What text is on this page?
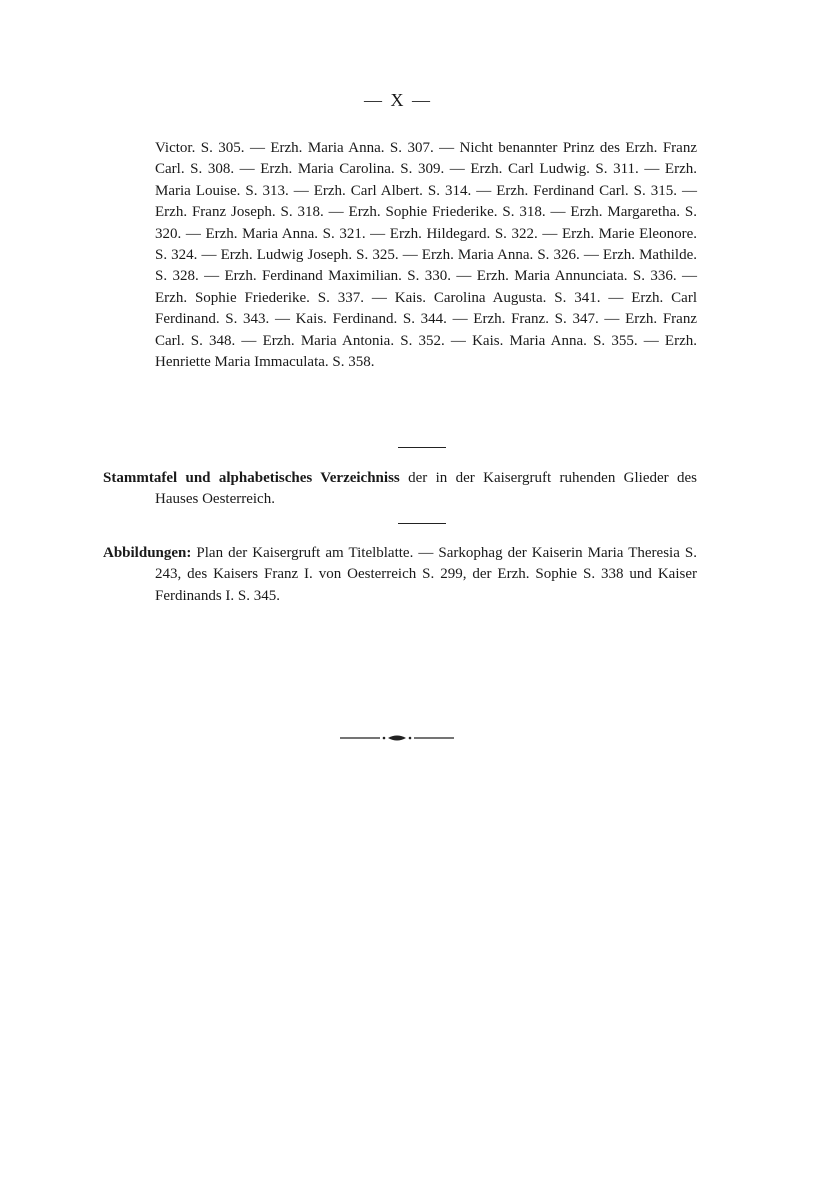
— X —

Victor. S. 305. — Erzh. Maria Anna. S. 307. — Nicht benannter Prinz des Erzh. Franz Carl. S. 308. — Erzh. Maria Carolina. S. 309. — Erzh. Carl Ludwig. S. 311. — Erzh. Maria Louise. S. 313. — Erzh. Carl Albert. S. 314. — Erzh. Ferdinand Carl. S. 315. — Erzh. Franz Joseph. S. 318. — Erzh. Sophie Friederike. S. 318. — Erzh. Margaretha. S. 320. — Erzh. Maria Anna. S. 321. — Erzh. Hildegard. S. 322. — Erzh. Marie Eleonore. S. 324. — Erzh. Ludwig Joseph. S. 325. — Erzh. Maria Anna. S. 326. — Erzh. Mathilde. S. 328. — Erzh. Ferdinand Maximilian. S. 330. — Erzh. Maria Annunciata. S. 336. — Erzh. Sophie Friederike. S. 337. — Kais. Carolina Augusta. S. 341. — Erzh. Carl Ferdinand. S. 343. — Kais. Ferdinand. S. 344. — Erzh. Franz. S. 347. — Erzh. Franz Carl. S. 348. — Erzh. Maria Antonia. S. 352. — Kais. Maria Anna. S. 355. — Erzh. Henriette Maria Immaculata. S. 358.

Stammtafel und alphabetisches Verzeichniss der in der Kaisergruft ruhenden Glieder des Hauses Oesterreich.

Abbildungen: Plan der Kaisergruft am Titelblatte. — Sarkophag der Kaiserin Maria Theresia S. 243, des Kaisers Franz I. von Oesterreich S. 299, der Erzh. Sophie S. 338 und Kaiser Ferdinands I. S. 345.
